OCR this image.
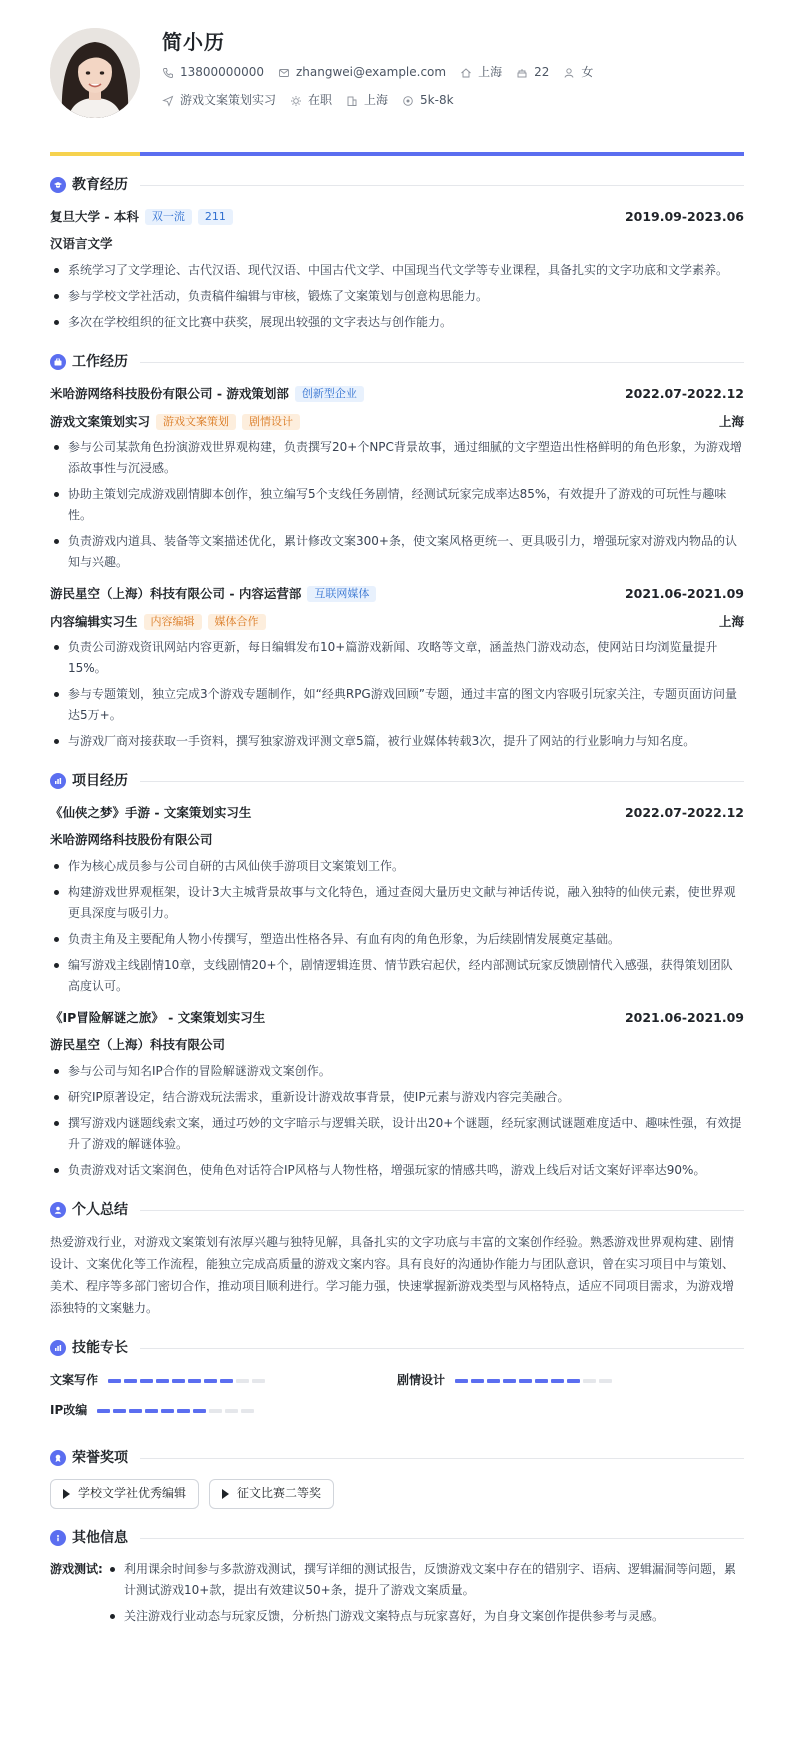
简小历
13800000000	zhangwei@example.com	上海	22	女
游戏文案策划实习	在职	上海	5k-8k
教育经历
复旦大学 - 本科	双一流	211	2019.09-2023.06
汉语言文学
系统学习了文学理论、古代汉语、现代汉语、中国古代文学、中国现当代文学等专业课程，具备扎实的文字功底和文学素养。
参与学校文学社活动，负责稿件编辑与审核，锻炼了文案策划与创意构思能力。
多次在学校组织的征文比赛中获奖，展现出较强的文字表达与创作能力。
工作经历
米哈游网络科技股份有限公司 - 游戏策划部	创新型企业	2022.07-2022.12
游戏文案策划实习	游戏文案策划	剧情设计	上海
参与公司某款角色扮演游戏世界观构建，负责撰写20+个NPC背景故事，通过细腻的文字塑造出性格鲜明的角色形象，为游戏增添故事性与沉浸感。
协助主策划完成游戏剧情脚本创作，独立编写5个支线任务剧情，经测试玩家完成率达85%，有效提升了游戏的可玩性与趣味性。
负责游戏内道具、装备等文案描述优化，累计修改文案300+条，使文案风格更统一、更具吸引力，增强玩家对游戏内物品的认知与兴趣。
游民星空（上海）科技有限公司 - 内容运营部	互联网媒体	2021.06-2021.09
内容编辑实习生	内容编辑	媒体合作	上海
负责公司游戏资讯网站内容更新，每日编辑发布10+篇游戏新闻、攻略等文章，涵盖热门游戏动态，使网站日均浏览量提升15%。
参与专题策划，独立完成3个游戏专题制作，如“经典RPG游戏回顾”专题，通过丰富的图文内容吸引玩家关注，专题页面访问量达5万+。
与游戏厂商对接获取一手资料，撰写独家游戏评测文章5篇，被行业媒体转载3次，提升了网站的行业影响力与知名度。
项目经历
《仙侠之梦》手游 - 文案策划实习生	2022.07-2022.12
米哈游网络科技股份有限公司
作为核心成员参与公司自研的古风仙侠手游项目文案策划工作。
构建游戏世界观框架，设计3大主城背景故事与文化特色，通过查阅大量历史文献与神话传说，融入独特的仙侠元素，使世界观更具深度与吸引力。
负责主角及主要配角人物小传撰写，塑造出性格各异、有血有肉的角色形象，为后续剧情发展奠定基础。
编写游戏主线剧情10章，支线剧情20+个，剧情逻辑连贯、情节跌宕起伏，经内部测试玩家反馈剧情代入感强，获得策划团队高度认可。
《IP冒险解谜之旅》 - 文案策划实习生	2021.06-2021.09
游民星空（上海）科技有限公司
参与公司与知名IP合作的冒险解谜游戏文案创作。
研究IP原著设定，结合游戏玩法需求，重新设计游戏故事背景，使IP元素与游戏内容完美融合。
撰写游戏内谜题线索文案，通过巧妙的文字暗示与逻辑关联，设计出20+个谜题，经玩家测试谜题难度适中、趣味性强，有效提升了游戏的解谜体验。
负责游戏对话文案润色，使角色对话符合IP风格与人物性格，增强玩家的情感共鸣，游戏上线后对话文案好评率达90%。
个人总结

热爱游戏行业，对游戏文案策划有浓厚兴趣与独特见解，具备扎实的文字功底与丰富的文案创作经验。熟悉游戏世界观构建、剧情设计、文案优化等工作流程，能独立完成高质量的游戏文案内容。具有良好的沟通协作能力与团队意识，曾在实习项目中与策划、美术、程序等多部门密切合作，推动项目顺利进行。学习能力强，快速掌握新游戏类型与风格特点，适应不同项目需求，为游戏增添独特的文案魅力。

技能专长
文案写作	剧情设计
IP改编
荣誉奖项
学校文学社优秀编辑	征文比赛二等奖
其他信息
游戏测试:	利用课余时间参与多款游戏测试，撰写详细的测试报告，反馈游戏文案中存在的错别字、语病、逻辑漏洞等问题，累计测试游戏10+款，提出有效建议50+条，提升了游戏文案质量。
关注游戏行业动态与玩家反馈，分析热门游戏文案特点与玩家喜好，为自身文案创作提供参考与灵感。
